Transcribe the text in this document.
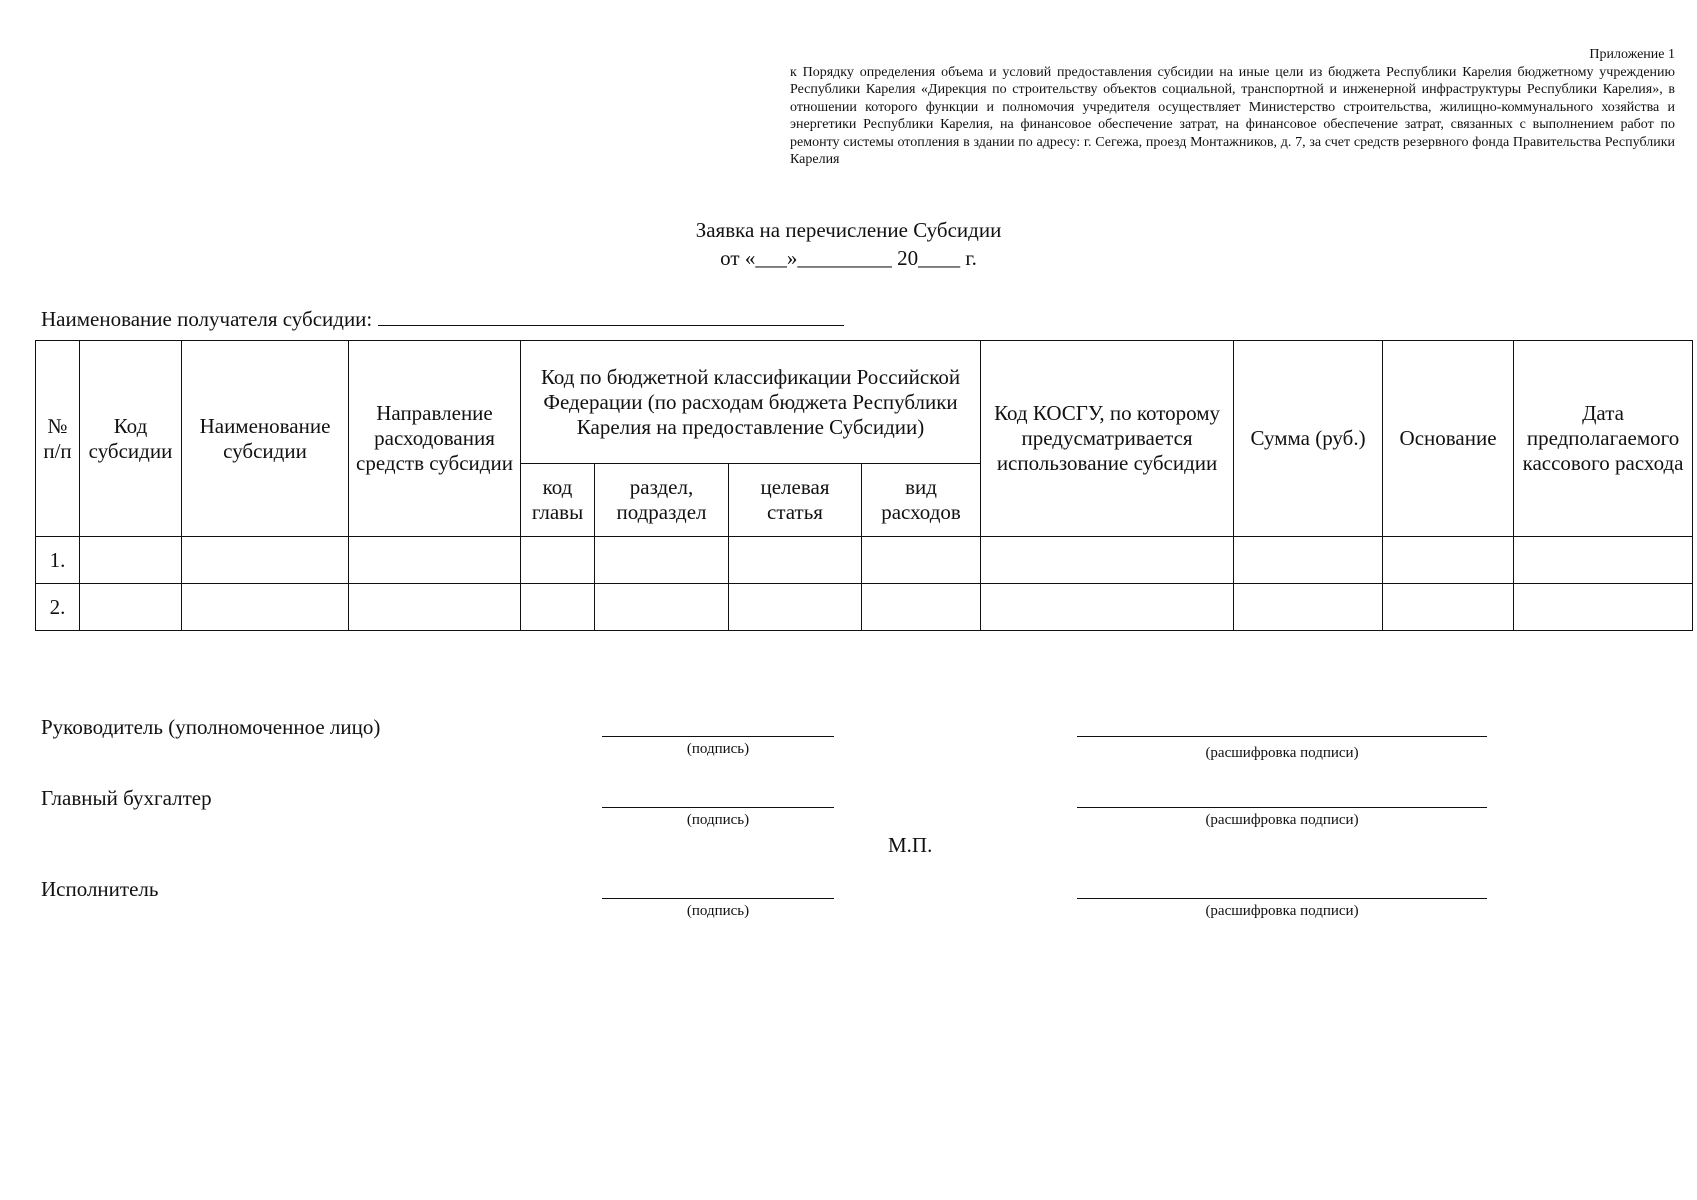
Приложение 1
к Порядку определения объема и условий предоставления субсидии на иные цели из бюджета Республики Карелия бюджетному учреждению Республики Карелия «Дирекция по строительству объектов социальной, транспортной и инженерной инфраструктуры Республики Карелия», в отношении которого функции и полномочия учредителя осуществляет Министерство строительства, жилищно-коммунального хозяйства и энергетики Республики Карелия, на финансовое обеспечение затрат, на финансовое обеспечение затрат, связанных с выполнением работ по ремонту системы отопления в здании по адресу: г. Сегежа, проезд Монтажников, д. 7, за счет средств резервного фонда Правительства Республики Карелия
Заявка на перечисление Субсидии
от «___»_________ 20____ г.
Наименование получателя субсидии:
№ п/п	Код субсидии	Наименование субсидии	Направление расходования средств субсидии	Код по бюджетной классификации Российской Федерации (по расходам бюджета Республики Карелия на предоставление Субсидии)				Код КОСГУ, по которому предусматривается использование субсидии	Сумма (руб.)	Основание	Дата предполагаемого кассового расхода
				код главы	раздел, подраздел	целевая статья	вид расходов				
1.											
2.											
Руководитель (уполномоченное лицо)
(подпись)	(расшифровка подписи)
Главный бухгалтер
(подпись)	(расшифровка подписи)
М.П.
Исполнитель
(подпись)	(расшифровка подписи)
